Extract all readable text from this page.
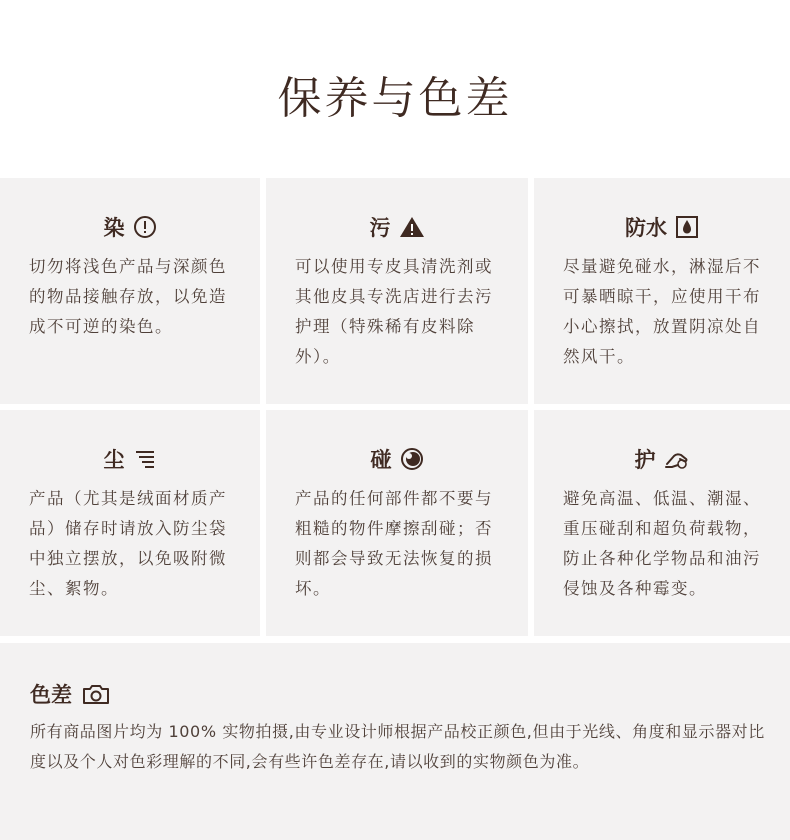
保养与色差
染
切勿将浅色产品与深颜色的物品接触存放，以免造成不可逆的染色。
污
可以使用专皮具清洗剂或其他皮具专洗店进行去污护理（特殊稀有皮料除外）。
防水
尽量避免碰水，淋湿后不可暴晒晾干，应使用干布小心擦拭，放置阴凉处自然风干。
尘
产品（尤其是绒面材质产品）储存时请放入防尘袋中独立摆放，以免吸附微尘、絮物。
碰
产品的任何部件都不要与粗糙的物件摩擦刮碰；否则都会导致无法恢复的损坏。
护
避免高温、低温、潮湿、重压碰刮和超负荷载物，防止各种化学物品和油污侵蚀及各种霉变。
色差
所有商品图片均为 100% 实物拍摄,由专业设计师根据产品校正颜色,但由于光线、角度和显示器对比度以及个人对色彩理解的不同,会有些许色差存在,请以收到的实物颜色为准。
